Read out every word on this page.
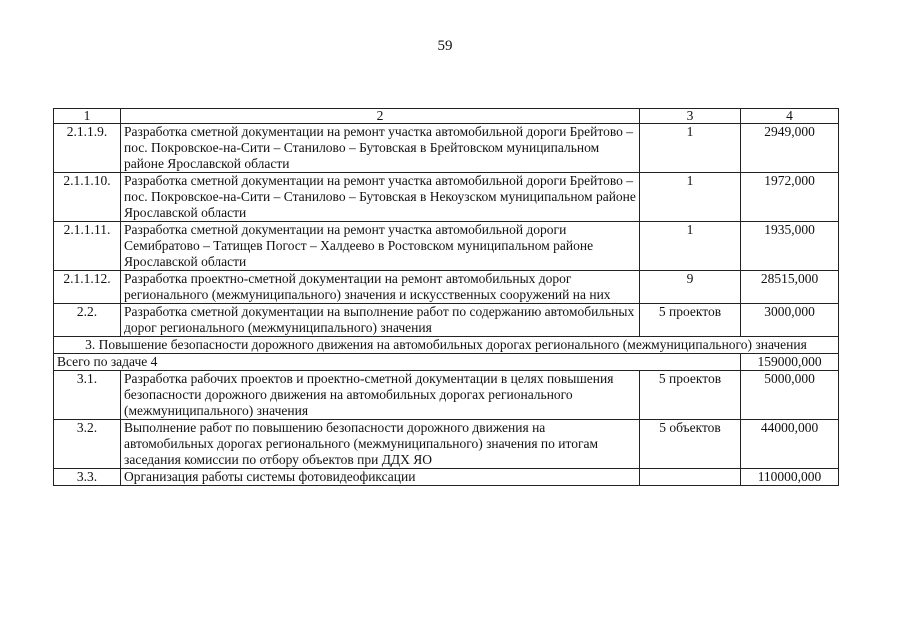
59
1	2	3	4
2.1.1.9.	Разработка сметной документации на ремонт участка автомобильной дороги Брейтово – пос. Покровское-на-Сити – Станилово – Бутовская в Брейтовском муниципальном районе Ярославской области	1	2949,000
2.1.1.10.	Разработка сметной документации на ремонт участка автомобильной дороги Брейтово – пос. Покровское-на-Сити – Станилово – Бутовская в Некоузском муниципальном районе Ярославской области	1	1972,000
2.1.1.11.	Разработка сметной документации на ремонт участка автомобильной дороги Семибратово – Татищев Погост – Халдеево в Ростовском муниципальном районе Ярославской области	1	1935,000
2.1.1.12.	Разработка проектно-сметной документации на ремонт автомобильных дорог регионального (межмуниципального) значения и искусственных сооружений на них	9	28515,000
2.2.	Разработка сметной документации на выполнение работ по содержанию автомобильных дорог регионального (межмуниципального) значения	5 проектов	3000,000
3. Повышение безопасности дорожного движения на автомобильных дорогах регионального (межмуниципального) значения			
Всего по задаче 4			159000,000
3.1.	Разработка рабочих проектов и проектно-сметной документации в целях повышения безопасности дорожного движения на автомобильных дорогах регионального (межмуниципального) значения	5 проектов	5000,000
3.2.	Выполнение работ по повышению безопасности дорожного движения на автомобильных дорогах регионального (межмуниципального) значения по итогам заседания комиссии по отбору объектов при ДДХ ЯО	5 объектов	44000,000
3.3.	Организация работы системы фотовидеофиксации		110000,000
